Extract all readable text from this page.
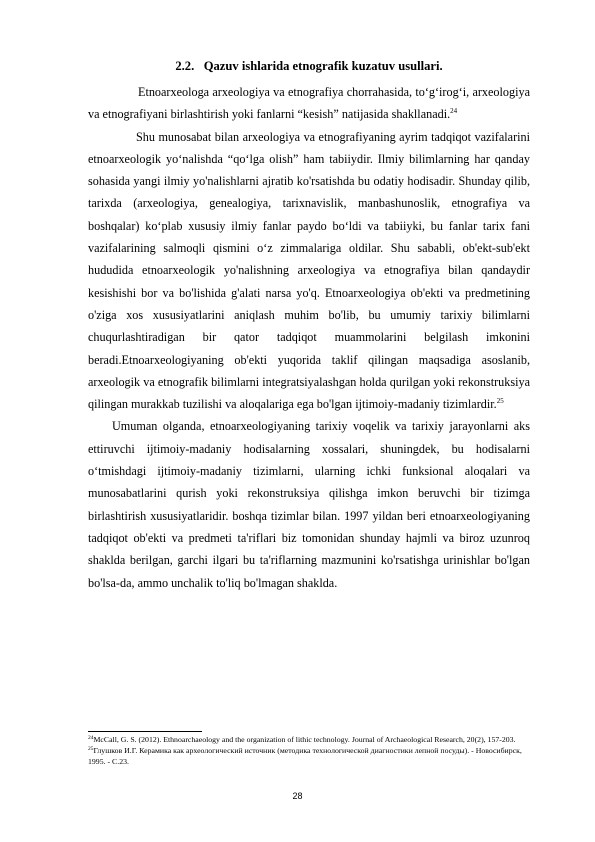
2.2. Qazuv ishlarida etnografik kuzatuv usullari.

Etnoarxeologa arxeologiya va etnografiya chorrahasida, to‘g‘irog‘i, arxeologiya va etnografiyani birlashtirish yoki fanlarni “kesish” natijasida shakllanadi.$^{24}$

Shu munosabat bilan arxeologiya va etnografiyaning ayrim tadqiqot vazifalarini etnoarxeologik yo‘nalishda “qo‘lga olish” ham tabiiydir. Ilmiy bilimlarning har qanday sohasida yangi ilmiy yo'nalishlarni ajratib ko'rsatishda bu odatiy hodisadir. Shunday qilib, tarixda (arxeologiya, genealogiya, tarixnavislik, manbashunoslik, etnografiya va boshqalar) ko‘plab xususiy ilmiy fanlar paydo bo‘ldi va tabiiyki, bu fanlar tarix fani vazifalarining salmoqli qismini o‘z zimmalariga oldilar. Shu sababli, ob'ekt-sub'ekt hududida etnoarxeologik yo'nalishning arxeologiya va etnografiya bilan qandaydir kesishishi bor va bo'lishida g'alati narsa yo'q. Etnoarxeologiya ob'ekti va predmetining o'ziga xos xususiyatlarini aniqlash muhim bo'lib, bu umumiy tarixiy bilimlarni chuqurlashtiradigan bir qator tadqiqot muammolarini belgilash imkonini beradi.Etnoarxeologiyaning ob'ekti yuqorida taklif qilingan maqsadiga asoslanib, arxeologik va etnografik bilimlarni integratsiyalashgan holda qurilgan yoki rekonstruksiya qilingan murakkab tuzilishi va aloqalariga ega bo'lgan ijtimoiy-madaniy tizimlardir.$^{25}$

Umuman olganda, etnoarxeologiyaning tarixiy voqelik va tarixiy jarayonlarni aks ettiruvchi ijtimoiy-madaniy hodisalarning xossalari, shuningdek, bu hodisalarni o‘tmishdagi ijtimoiy-madaniy tizimlarni, ularning ichki funksional aloqalari va munosabatlarini qurish yoki rekonstruksiya qilishga imkon beruvchi bir tizimga birlashtirish xususiyatlaridir. boshqa tizimlar bilan. 1997 yildan beri etnoarxeologiyaning tadqiqot ob'ekti va predmeti ta'riflari biz tomonidan shunday hajmli va biroz uzunroq shaklda berilgan, garchi ilgari bu ta'riflarning mazmunini ko'rsatishga urinishlar bo'lgan bo'lsa-da, ammo unchalik to'liq bo'lmagan shaklda.

$^{24}$McCall, G. S. (2012). Ethnoarchaeology and the organization of lithic technology. Journal of Archaeological Research, 20(2), 157-203.

$^{25}$Глушков И.Г. Керамика как археологический источник (методика технологической диагностики лепной посуды). - Новосибирск, 1995. - С.23.

28
